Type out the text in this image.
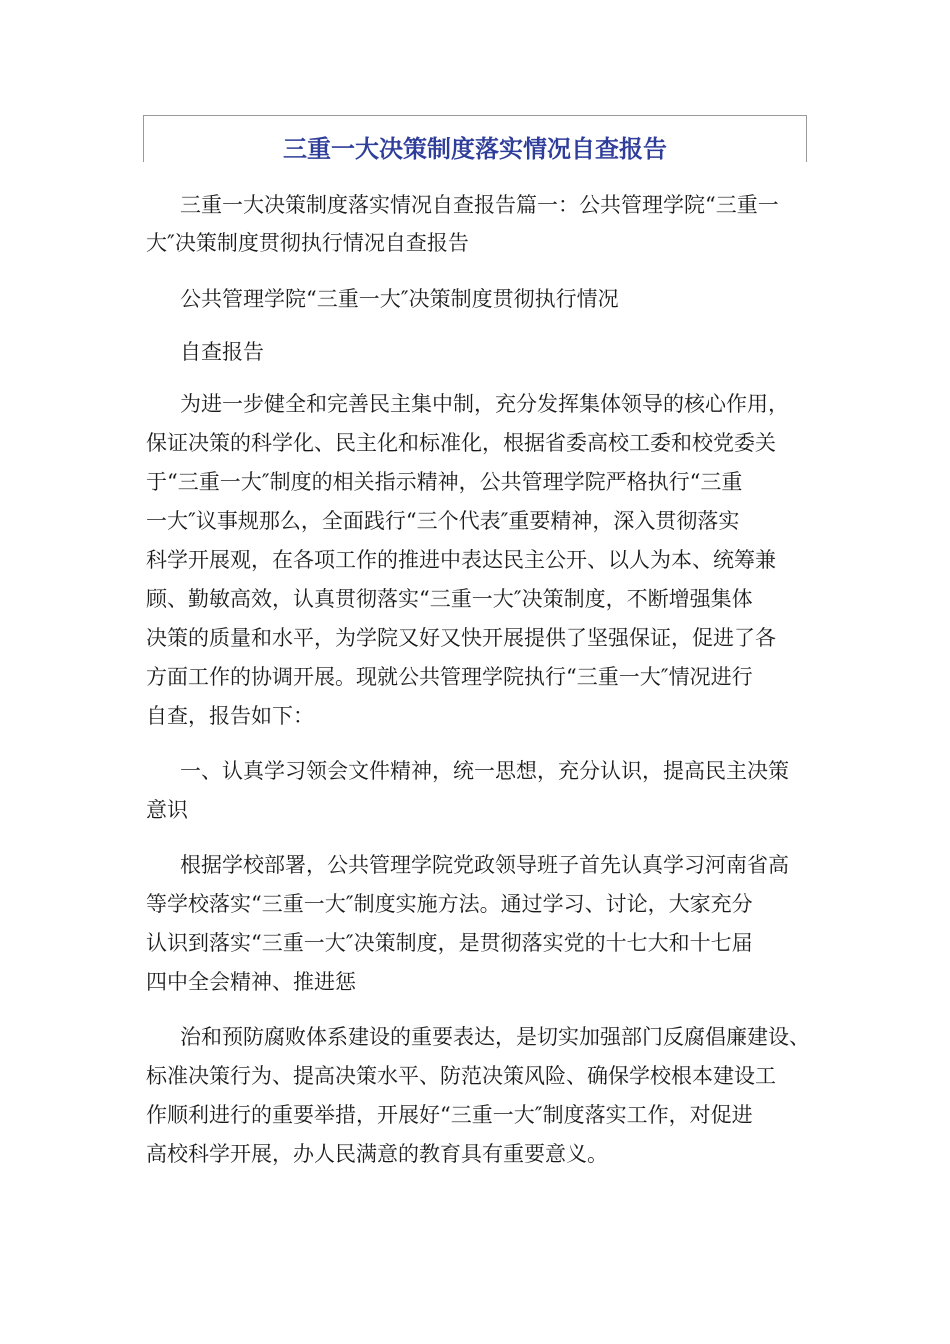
三重一大决策制度落实情况自查报告
三重一大决策制度落实情况自查报告篇一：公共管理学院“三重一
大″决策制度贯彻执行情况自查报告
公共管理学院“三重一大″决策制度贯彻执行情况
自查报告
为进一步健全和完善民主集中制，充分发挥集体领导的核心作用，
保证决策的科学化、民主化和标准化，根据省委高校工委和校党委关
于“三重一大″制度的相关指示精神，公共管理学院严格执行“三重
一大″议事规那么，全面践行“三个代表″重要精神，深入贯彻落实
科学开展观，在各项工作的推进中表达民主公开、以人为本、统筹兼
顾、勤敏高效，认真贯彻落实“三重一大″决策制度，不断增强集体
决策的质量和水平，为学院又好又快开展提供了坚强保证，促进了各
方面工作的协调开展。现就公共管理学院执行“三重一大″情况进行
自查，报告如下：
一、认真学习领会文件精神，统一思想，充分认识，提高民主决策
意识
根据学校部署，公共管理学院党政领导班子首先认真学习河南省高
等学校落实“三重一大″制度实施方法。通过学习、讨论，大家充分
认识到落实“三重一大″决策制度，是贯彻落实党的十七大和十七届
四中全会精神、推进惩
治和预防腐败体系建设的重要表达，是切实加强部门反腐倡廉建设、
标准决策行为、提高决策水平、防范决策风险、确保学校根本建设工
作顺利进行的重要举措，开展好“三重一大″制度落实工作，对促进
高校科学开展，办人民满意的教育具有重要意义。
